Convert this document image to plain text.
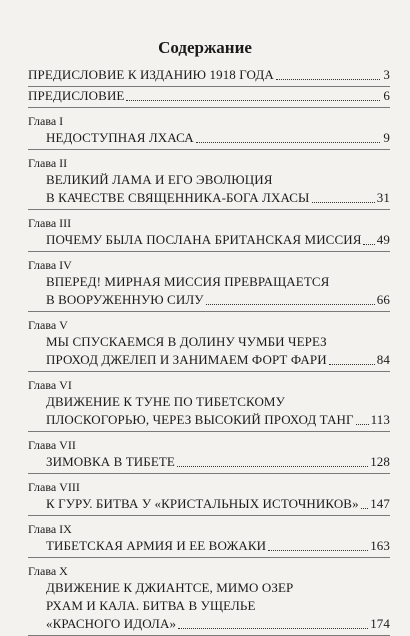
Содержание
ПРЕДИСЛОВИЕ К ИЗДАНИЮ 1918 ГОДА	3
ПРЕДИСЛОВИЕ	6
Глава I
НЕДОСТУПНАЯ ЛХАСА	9
Глава II
ВЕЛИКИЙ ЛАМА И ЕГО ЭВОЛЮЦИЯ
В КАЧЕСТВЕ СВЯЩЕННИКА-БОГА ЛХАСЫ	31
Глава III
ПОЧЕМУ БЫЛА ПОСЛАНА БРИТАНСКАЯ МИССИЯ 49
Глава IV
ВПЕРЕД! МИРНАЯ МИССИЯ ПРЕВРАЩАЕТСЯ
В ВООРУЖЕННУЮ СИЛУ	66
Глава V
МЫ СПУСКАЕМСЯ В ДОЛИНУ ЧУМБИ ЧЕРЕЗ
ПРОХОД ДЖЕЛЕП И ЗАНИМАЕМ ФОРТ ФАРИ	84
Глава VI
ДВИЖЕНИЕ К ТУНЕ ПО ТИБЕТСКОМУ
ПЛОСКОГОРЬЮ, ЧЕРЕЗ ВЫСОКИЙ ПРОХОД ТАНГ 113
Глава VII
ЗИМОВКА В ТИБЕТЕ	128
Глава VIII
К ГУРУ. БИТВА У «КРИСТАЛЬНЫХ ИСТОЧНИКОВ» 147
Глава IX
ТИБЕТСКАЯ АРМИЯ И ЕЕ ВОЖАКИ	163
Глава X
ДВИЖЕНИЕ К ДЖИАНТСЕ, МИМО ОЗЕР
РХАМ И КАЛА. БИТВА В УЩЕЛЬЕ
«КРАСНОГО ИДОЛА»	174
